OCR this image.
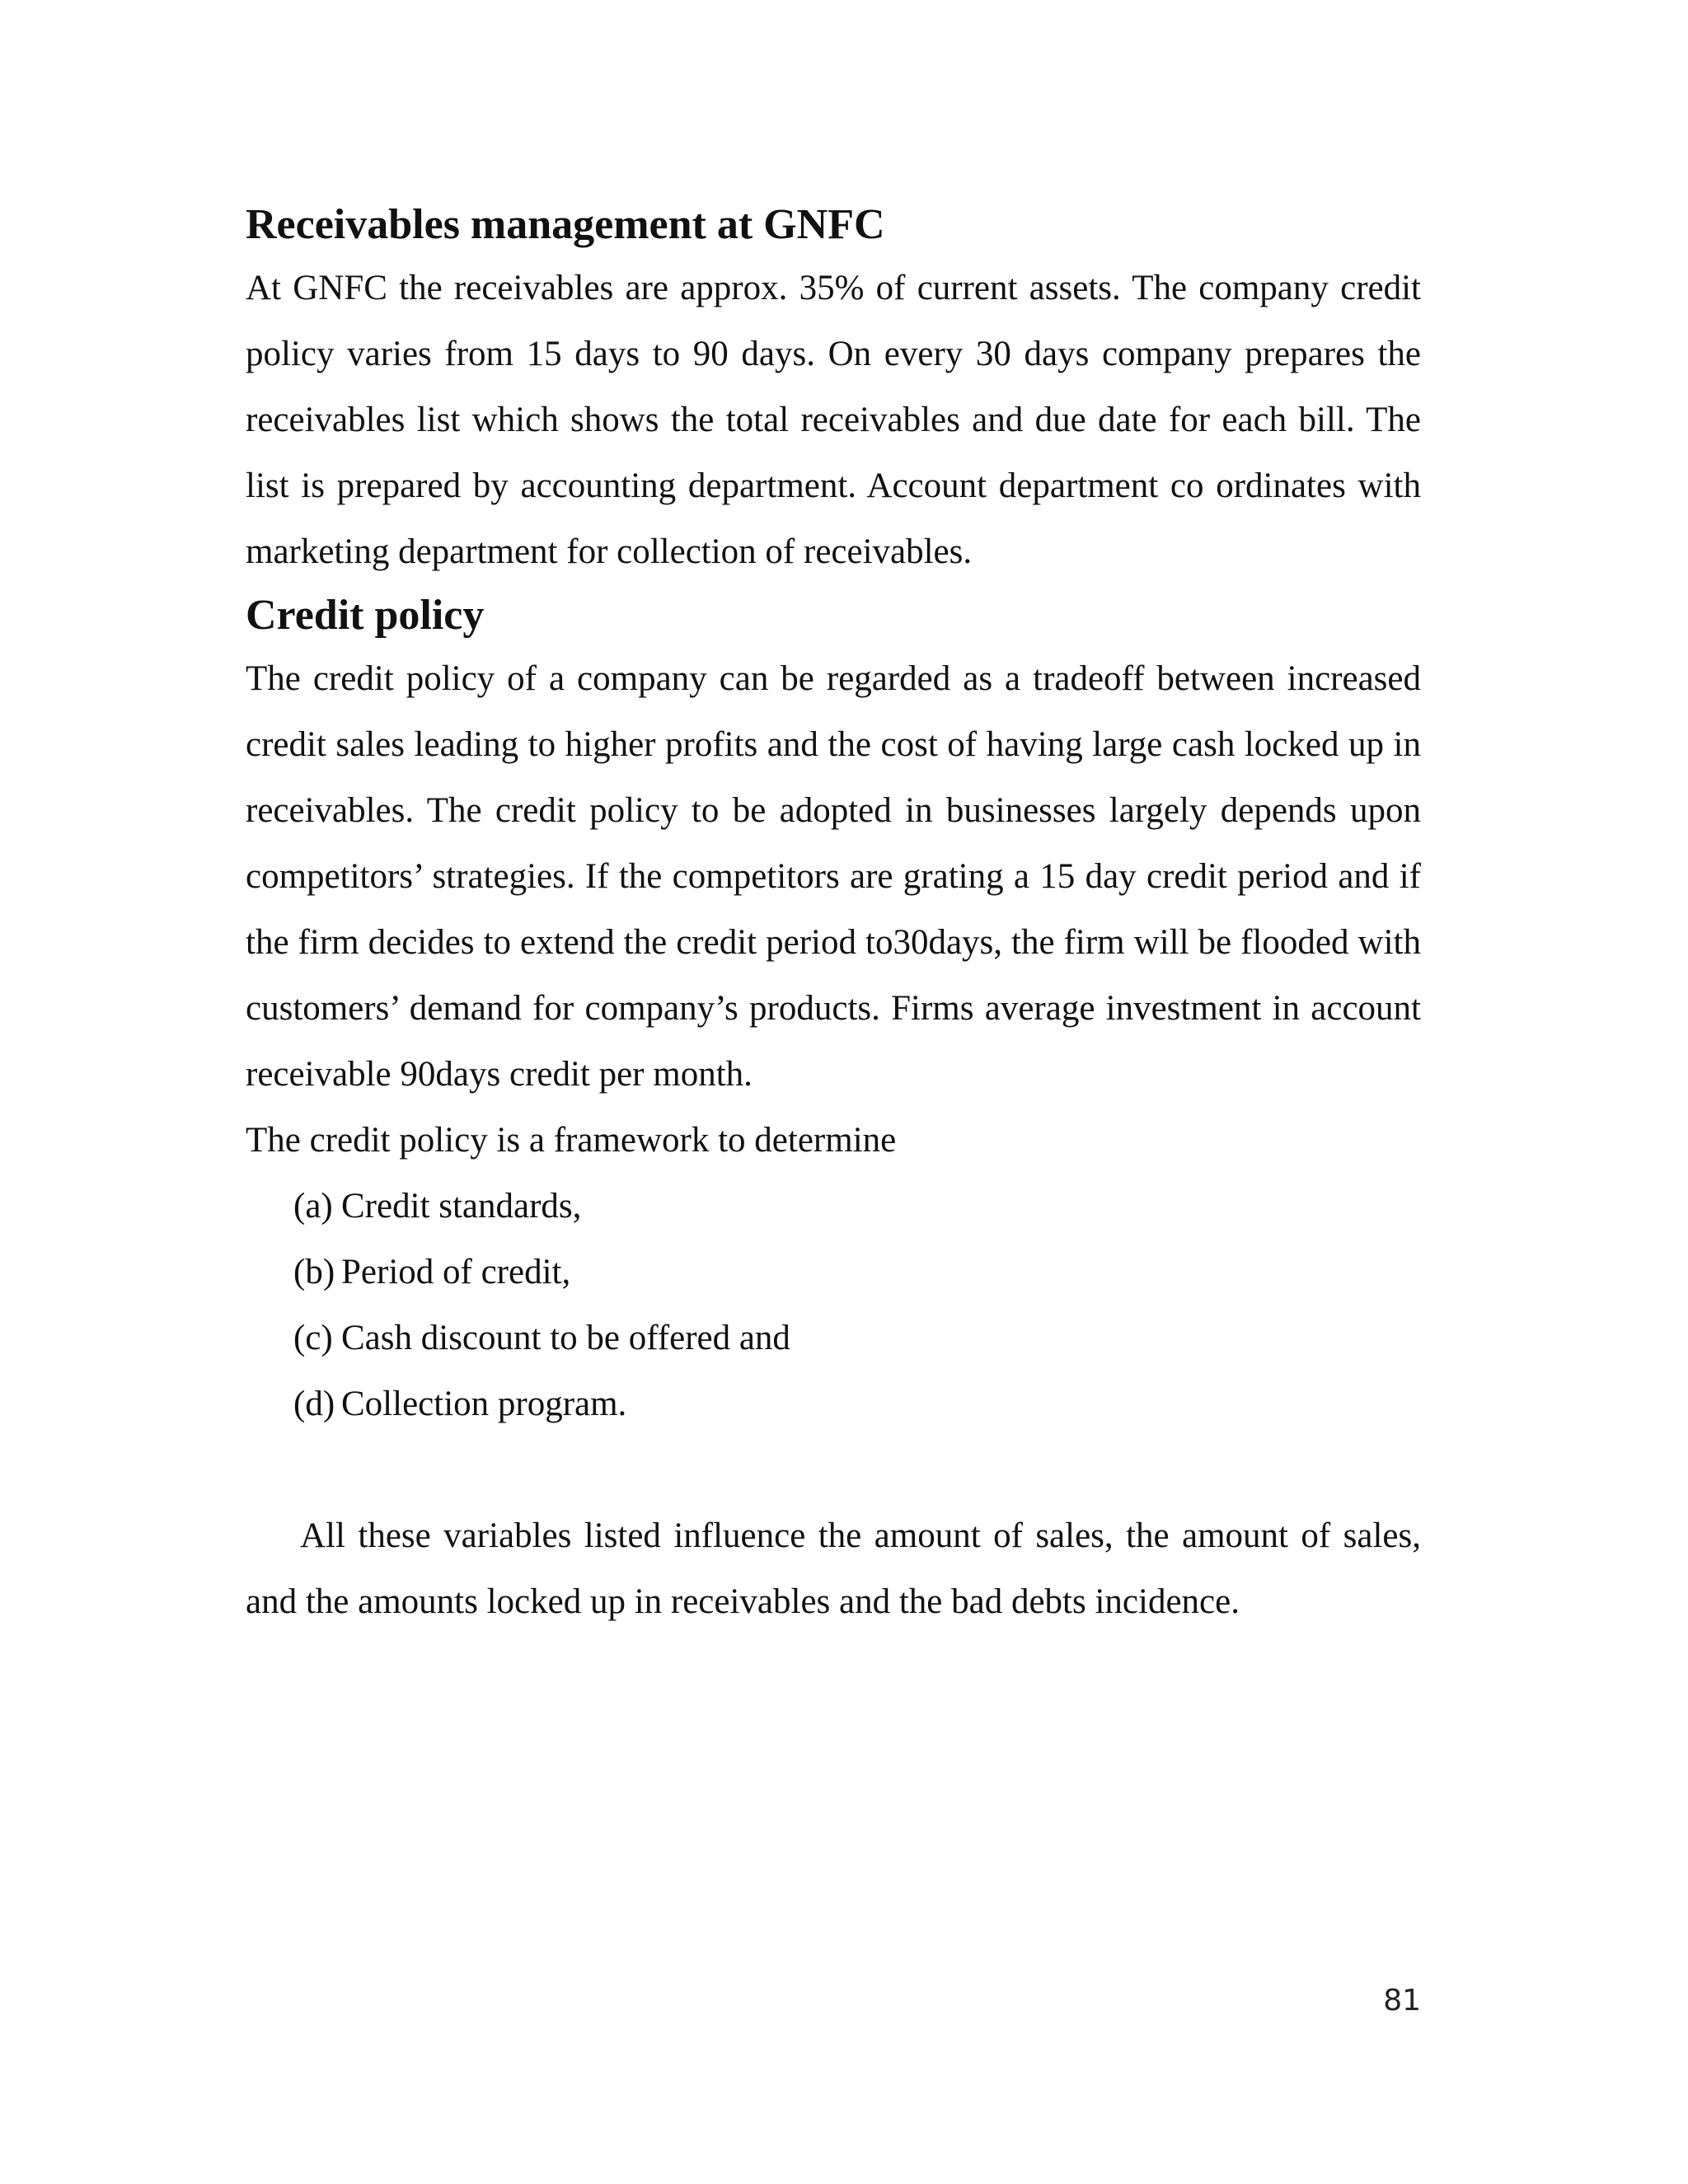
Receivables management at GNFC

At GNFC the receivables are approx. 35% of current assets. The company credit policy varies from 15 days to 90 days. On every 30 days company prepares the receivables list which shows the total receivables and due date for each bill. The list is prepared by accounting department. Account department co ordinates with marketing department for collection of receivables.

Credit policy

The credit policy of a company can be regarded as a tradeoff between increased credit sales leading to higher profits and the cost of having large cash locked up in receivables. The credit policy to be adopted in businesses largely depends upon competitors’ strategies. If the competitors are grating a 15 day credit period and if the firm decides to extend the credit period to30days, the firm will be flooded with customers’ demand for company’s products. Firms average investment in account receivable 90days credit per month.

The credit policy is a framework to determine

(a) Credit standards,
(b) Period of credit,
(c) Cash discount to be offered and
(d) Collection program.

All these variables listed influence the amount of sales, the amount of sales, and the amounts locked up in receivables and the bad debts incidence.

81
